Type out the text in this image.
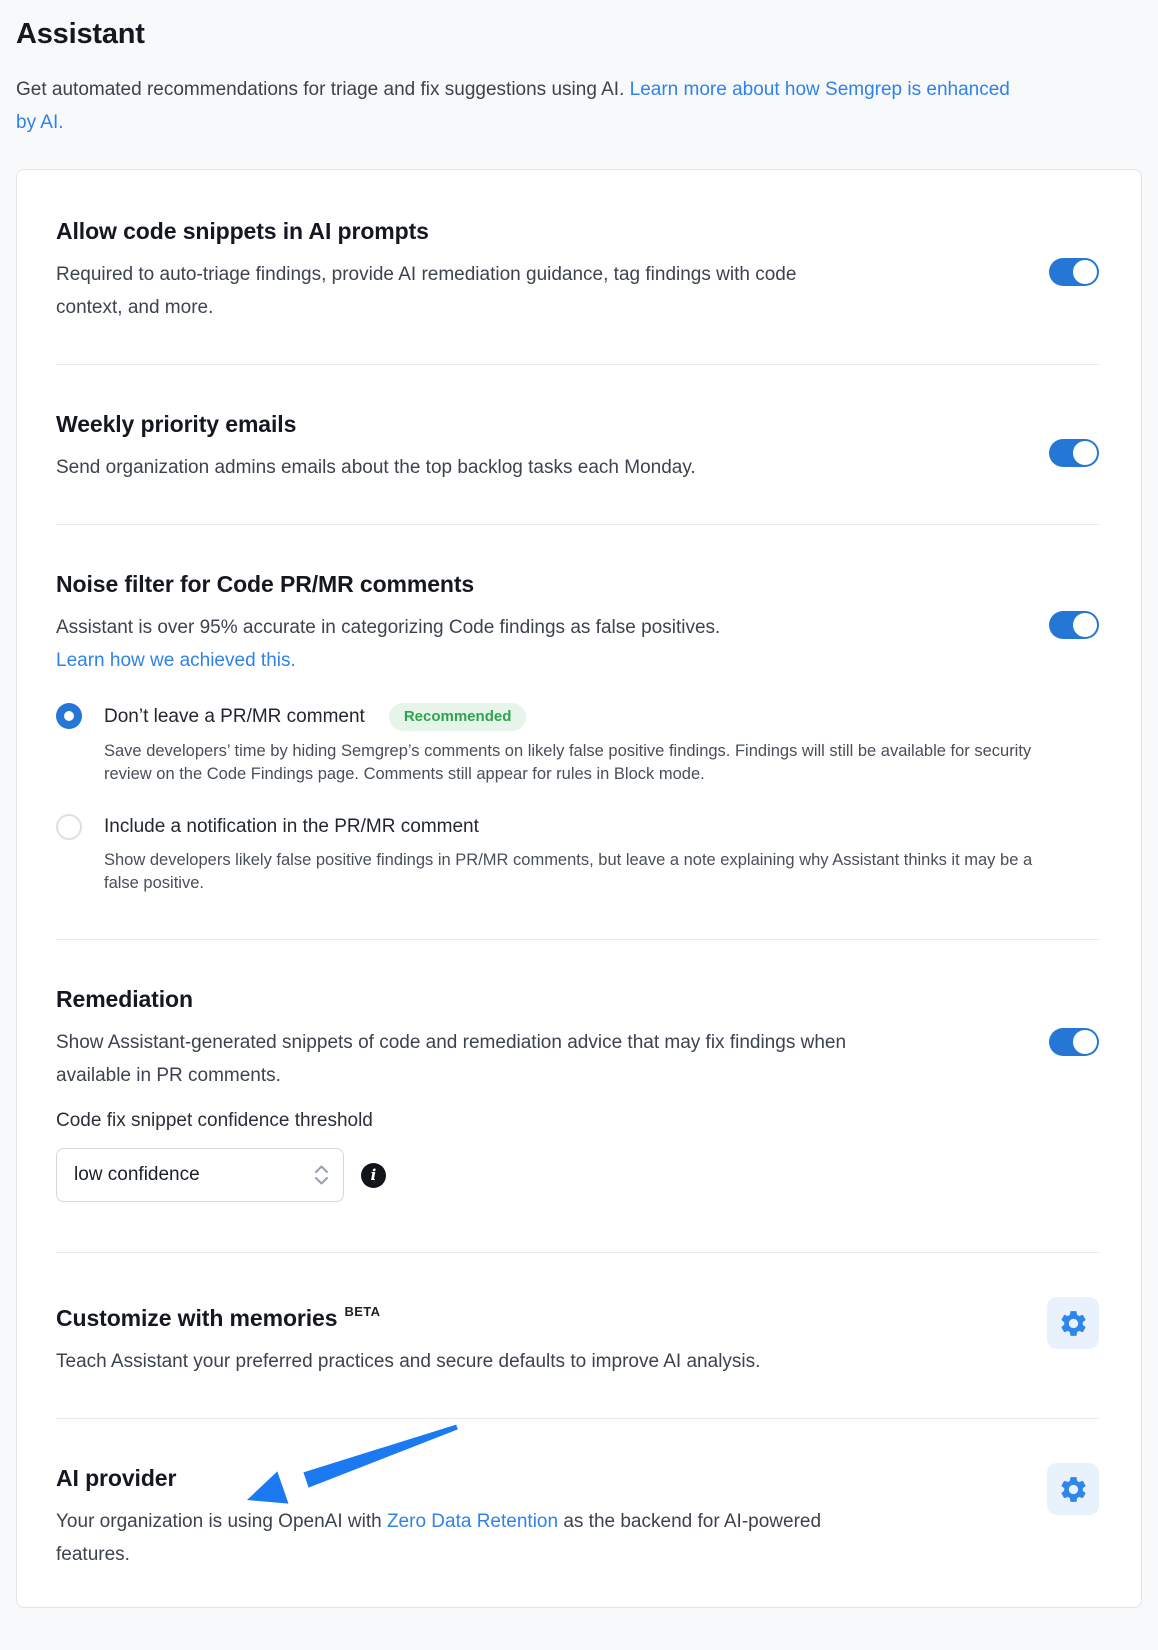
Assistant

Get automated recommendations for triage and fix suggestions using AI. Learn more about how Semgrep is enhanced by AI.

Allow code snippets in AI prompts

Required to auto-triage findings, provide AI remediation guidance, tag findings with code context, and more.

Weekly priority emails

Send organization admins emails about the top backlog tasks each Monday.

Noise filter for Code PR/MR comments

Assistant is over 95% accurate in categorizing Code findings as false positives.
Learn how we achieved this.

Don’t leave a PR/MR comment	Recommended

Save developers’ time by hiding Semgrep’s comments on likely false positive findings. Findings will still be available for security review on the Code Findings page. Comments still appear for rules in Block mode.

Include a notification in the PR/MR comment

Show developers likely false positive findings in PR/MR comments, but leave a note explaining why Assistant thinks it may be a false positive.

Remediation

Show Assistant-generated snippets of code and remediation advice that may fix findings when available in PR comments.

Code fix snippet confidence threshold

low confidence	i
Customize with memories $^{BETA}$

Teach Assistant your preferred practices and secure defaults to improve AI analysis.

AI provider

Your organization is using OpenAI with Zero Data Retention as the backend for AI-powered features.
